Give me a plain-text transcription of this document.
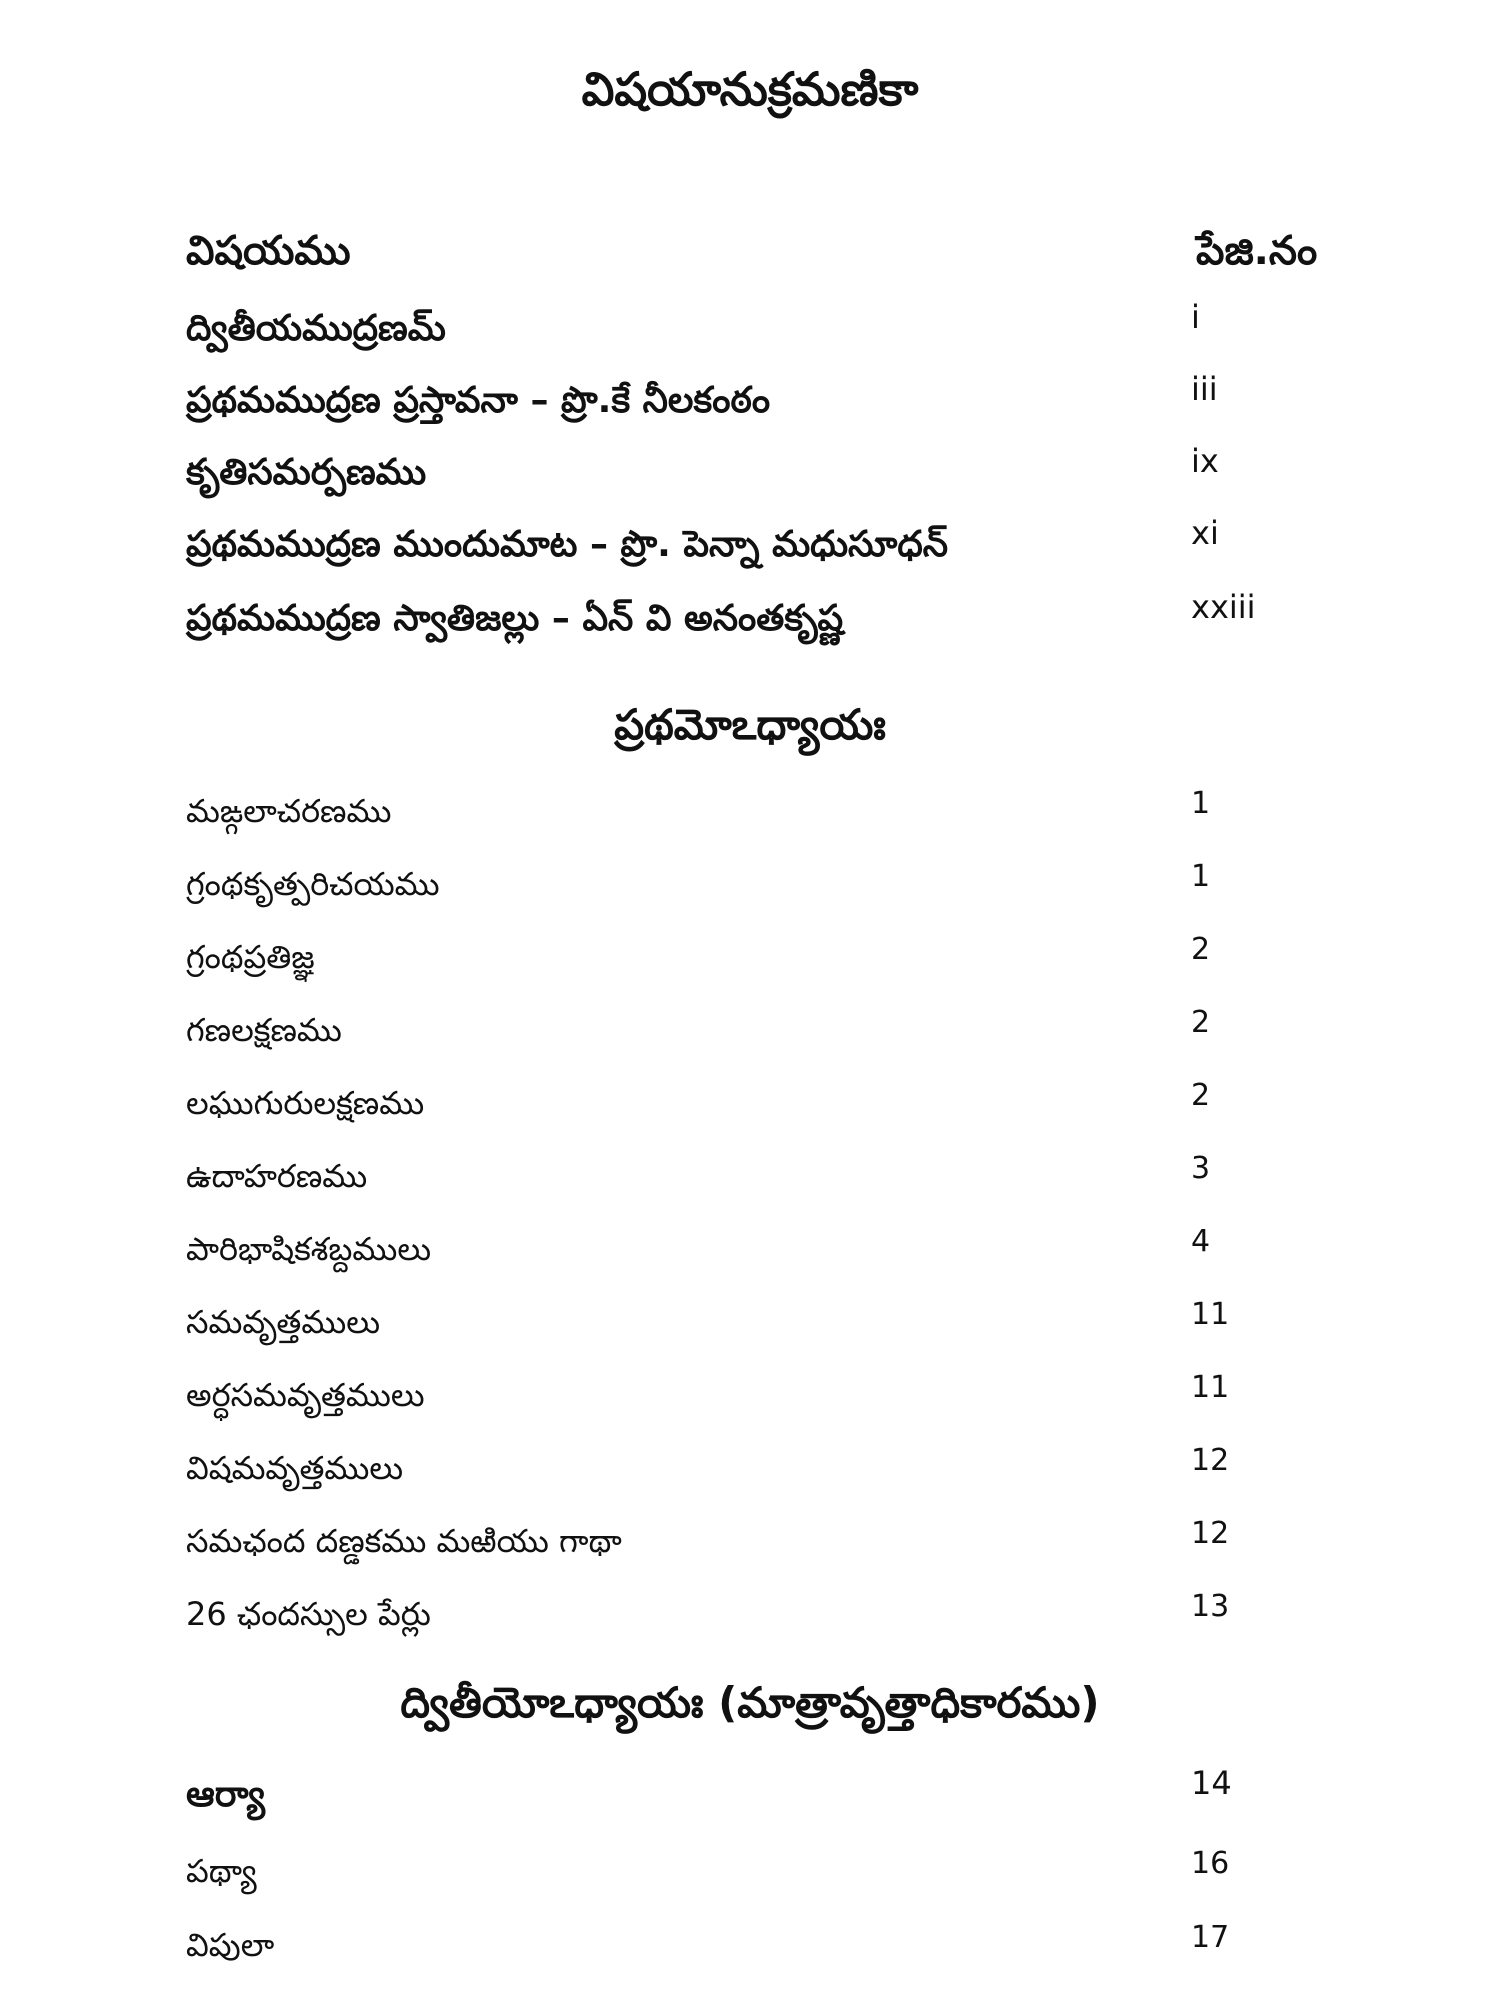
విషయానుక్రమణికా
విషయము	పేజి.నం
ద్వితీయముద్రణమ్	i
ప్రథమముద్రణ ప్రస్తావనా – ప్రొ.కే నీలకంఠం	iii
కృతిసమర్పణము	ix
ప్రథమముద్రణ ముందుమాట – ప్రొ. పెన్నా మధుసూధన్	xi
ప్రథమముద్రణ స్వాతిజల్లు – ఏన్ వి అనంతకృష్ణ	xxiii
ప్రథమోఽధ్యాయః
మఙ్గలాచరణము	1
గ్రంథకృత్పరిచయము	1
గ్రంథప్రతిజ్ఞ	2
గణలక్షణము	2
లఘుగురులక్షణము	2
ఉదాహరణము	3
పారిభాషికశబ్దములు	4
సమవృత్తములు	11
అర్ధసమవృత్తములు	11
విషమవృత్తములు	12
సమఛంద దణ్డకము మఱియు గాథా	12
26 ఛందస్సుల పేర్లు	13
ద్వితీయోఽధ్యాయః (మాత్రావృత్తాధికారము)
ఆర్యా	14
పథ్యా	16
విపులా	17
